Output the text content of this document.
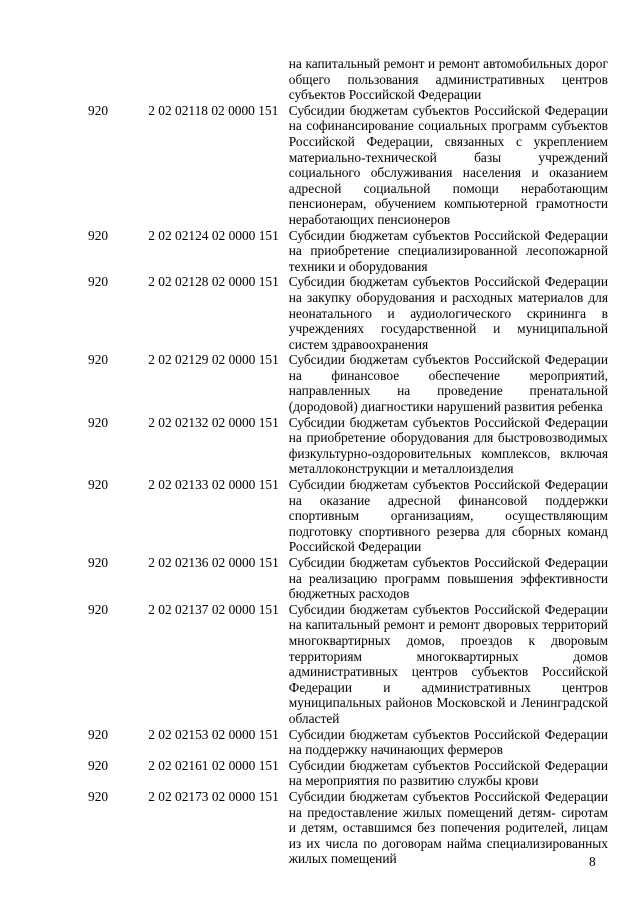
		на капитальный ремонт и ремонт автомобильных дорог общего пользования административных центров субъектов Российской Федерации
920	2 02 02118 02 0000 151	Субсидии бюджетам субъектов Российской Федерации на софинансирование социальных программ субъектов Российской Федерации, связанных с укреплением материально-технической базы учреждений социального обслуживания населения и оказанием адресной социальной помощи неработающим пенсионерам, обучением компьютерной грамотности неработающих пенсионеров
920	2 02 02124 02 0000 151	Субсидии бюджетам субъектов Российской Федерации на приобретение специализированной лесопожарной техники и оборудования
920	2 02 02128 02 0000 151	Субсидии бюджетам субъектов Российской Федерации на закупку оборудования и расходных материалов для неонатального и аудиологического скрининга в учреждениях государственной и муниципальной систем здравоохранения
920	2 02 02129 02 0000 151	Субсидии бюджетам субъектов Российской Федерации на финансовое обеспечение мероприятий, направленных на проведение пренатальной (дородовой) диагностики нарушений развития ребенка
920	2 02 02132 02 0000 151	Субсидии бюджетам субъектов Российской Федерации на приобретение оборудования для быстровозводимых физкультурно-оздоровительных комплексов, включая металлоконструкции и металлоизделия
920	2 02 02133 02 0000 151	Субсидии бюджетам субъектов Российской Федерации на оказание адресной финансовой поддержки спортивным организациям, осуществляющим подготовку спортивного резерва для сборных команд Российской Федерации
920	2 02 02136 02 0000 151	Субсидии бюджетам субъектов Российской Федерации на реализацию программ повышения эффективности бюджетных расходов
920	2 02 02137 02 0000 151	Субсидии бюджетам субъектов Российской Федерации на капитальный ремонт и ремонт дворовых территорий многоквартирных домов, проездов к дворовым территориям многоквартирных домов административных центров субъектов Российской Федерации и административных центров муниципальных районов Московской и Ленинградской областей
920	2 02 02153 02 0000 151	Субсидии бюджетам субъектов Российской Федерации на поддержку начинающих фермеров
920	2 02 02161 02 0000 151	Субсидии бюджетам субъектов Российской Федерации на мероприятия по развитию службы крови
920	2 02 02173 02 0000 151	Субсидии бюджетам субъектов Российской Федерации на предоставление жилых помещений детям- сиротам и детям, оставшимся без попечения родителей, лицам из их числа по договорам найма специализированных жилых помещений	8
